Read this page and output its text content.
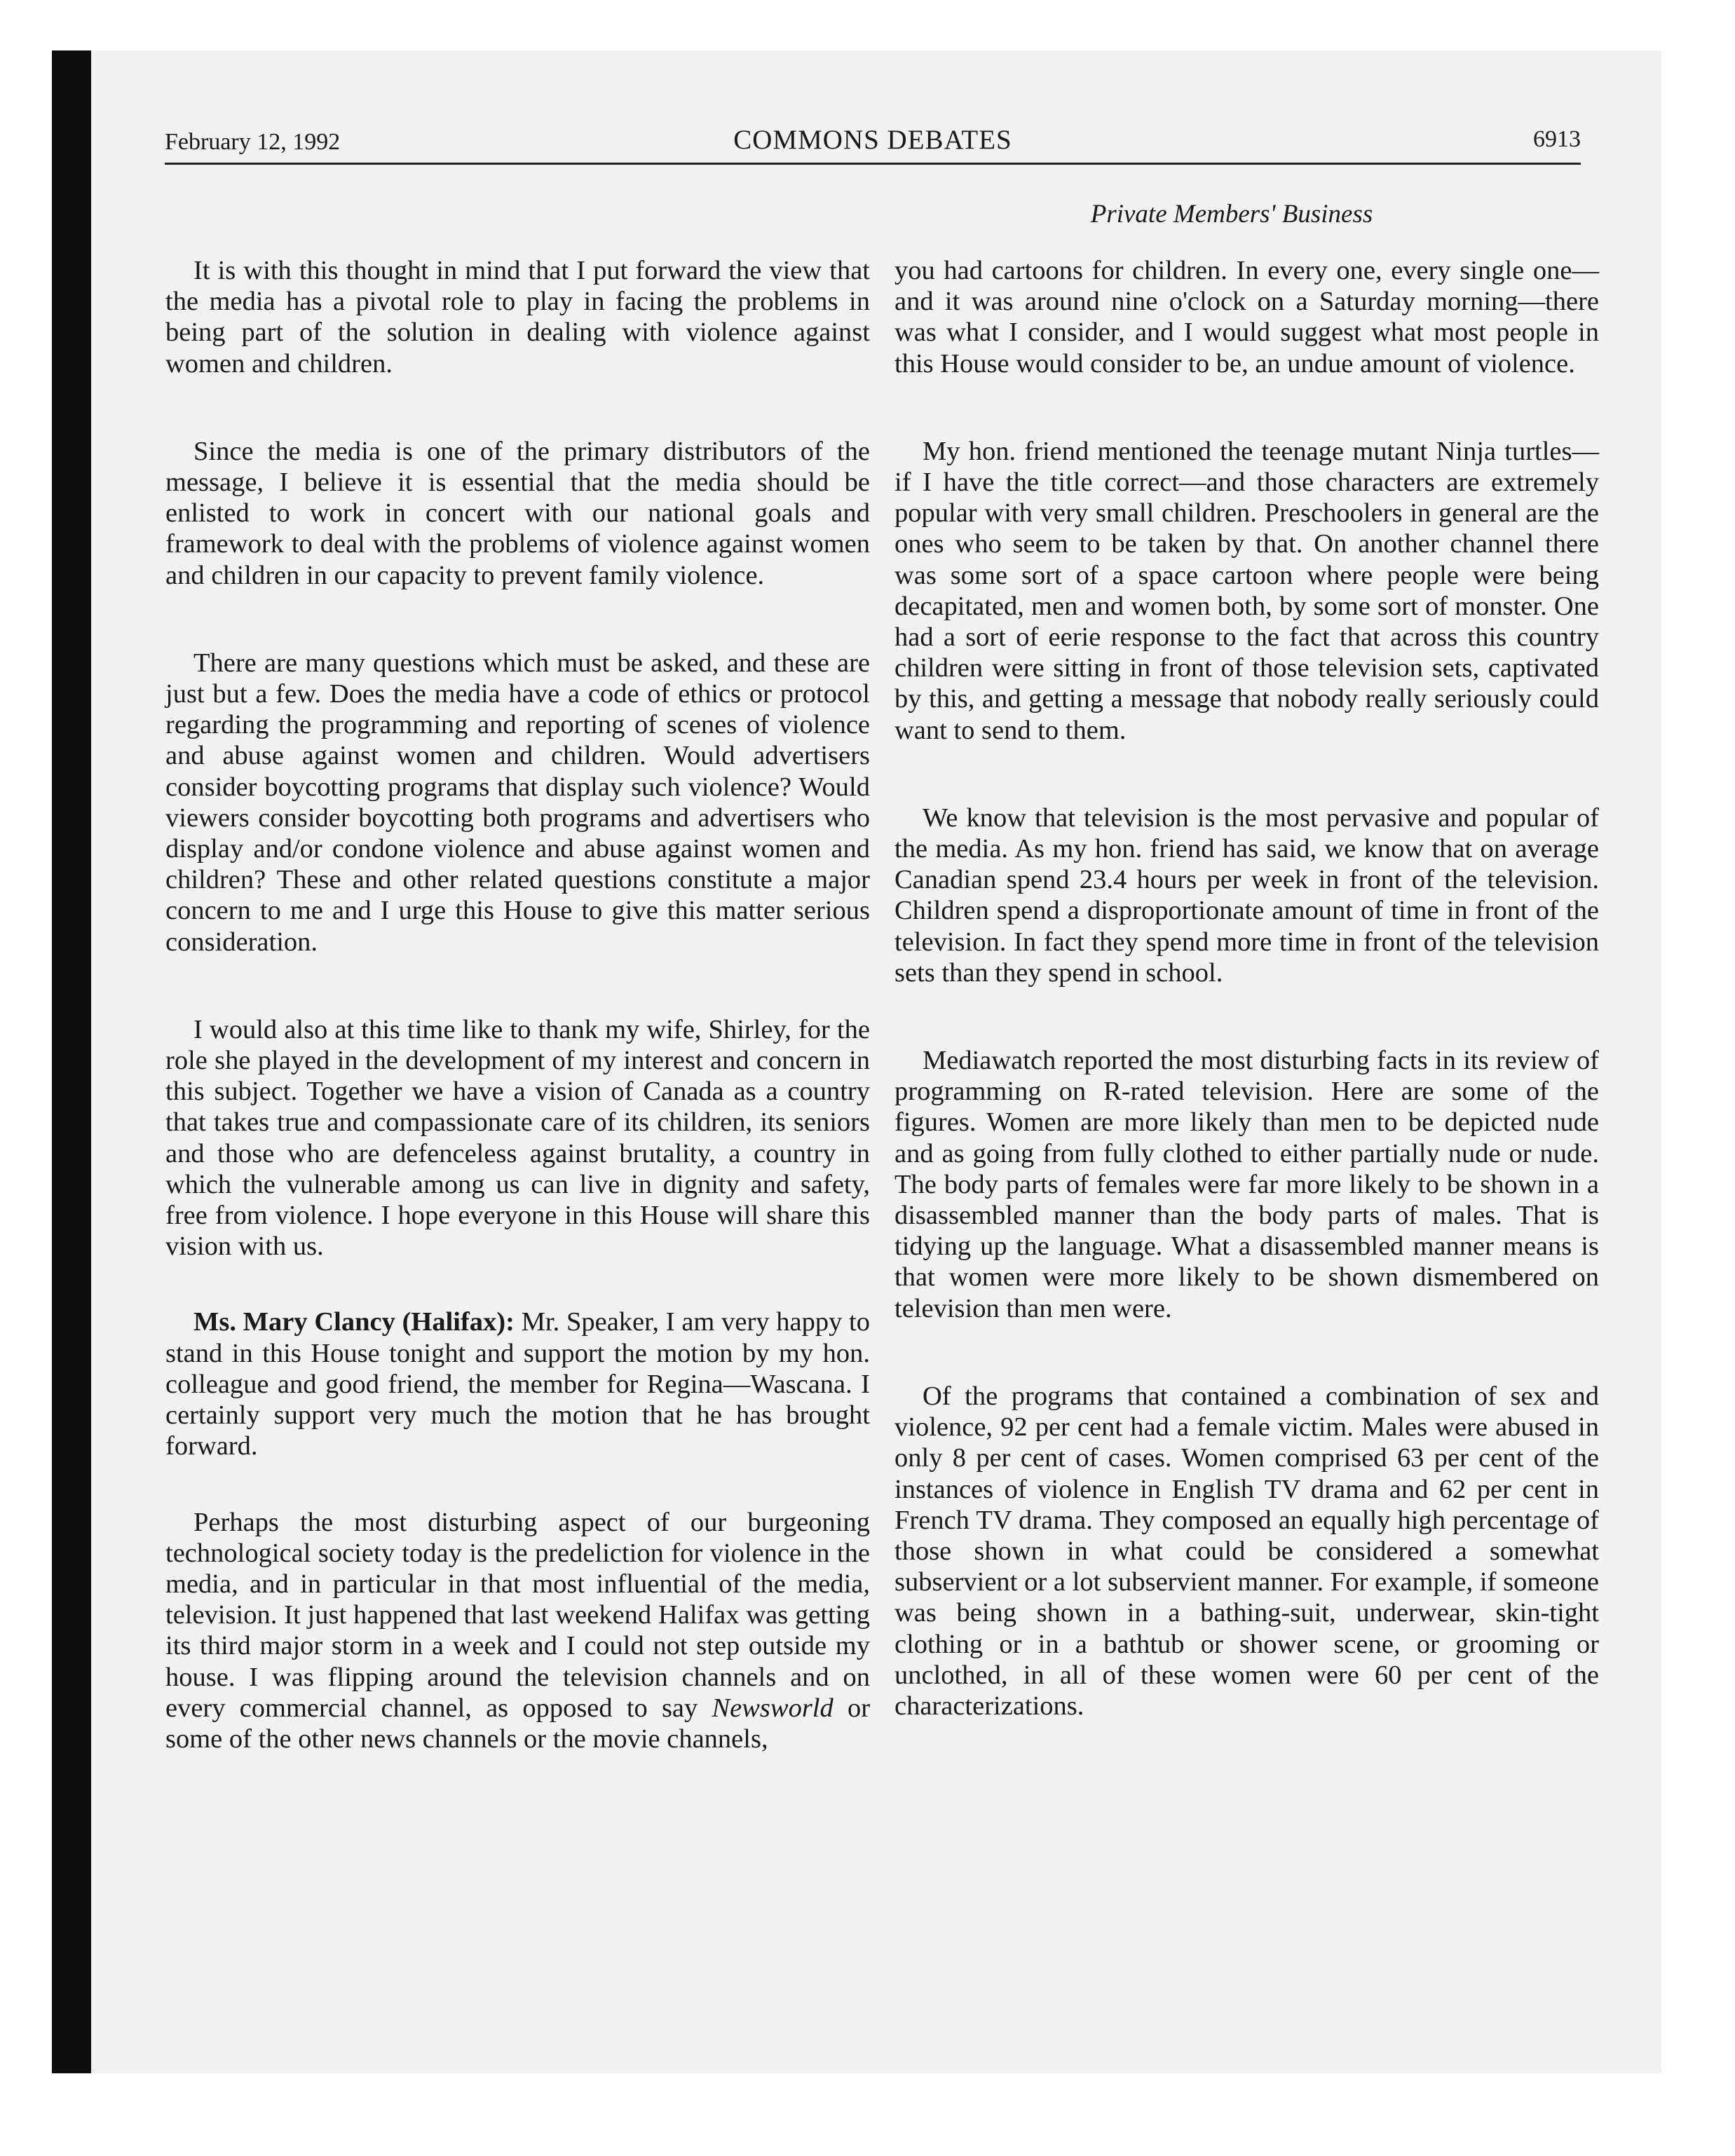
February 12, 1992	COMMONS DEBATES	6913
Private Members' Business

It is with this thought in mind that I put forward the view that the media has a pivotal role to play in facing the problems in being part of the solution in dealing with violence against women and children.

Since the media is one of the primary distributors of the message, I believe it is essential that the media should be enlisted to work in concert with our national goals and framework to deal with the problems of violence against women and children in our capacity to prevent family violence.

There are many questions which must be asked, and these are just but a few. Does the media have a code of ethics or protocol regarding the programming and reporting of scenes of violence and abuse against women and children. Would advertisers consider boycotting programs that display such violence? Would viewers consider boycotting both programs and advertisers who display and/or condone violence and abuse against women and children? These and other related questions constitute a major concern to me and I urge this House to give this matter serious consideration.

I would also at this time like to thank my wife, Shirley, for the role she played in the development of my interest and concern in this subject. Together we have a vision of Canada as a country that takes true and compassionate care of its children, its seniors and those who are defenceless against brutality, a country in which the vulnerable among us can live in dignity and safety, free from violence. I hope everyone in this House will share this vision with us.

Ms. Mary Clancy (Halifax): Mr. Speaker, I am very happy to stand in this House tonight and support the motion by my hon. colleague and good friend, the member for Regina—Wascana. I certainly support very much the motion that he has brought forward.

Perhaps the most disturbing aspect of our burgeoning technological society today is the predeliction for violence in the media, and in particular in that most influential of the media, television. It just happened that last weekend Halifax was getting its third major storm in a week and I could not step outside my house. I was flipping around the television channels and on every commercial channel, as opposed to say Newsworld or some of the other news channels or the movie channels,

you had cartoons for children. In every one, every single one—and it was around nine o'clock on a Saturday morning—there was what I consider, and I would suggest what most people in this House would consider to be, an undue amount of violence.

My hon. friend mentioned the teenage mutant Ninja turtles—if I have the title correct—and those characters are extremely popular with very small children. Preschoolers in general are the ones who seem to be taken by that. On another channel there was some sort of a space cartoon where people were being decapitated, men and women both, by some sort of monster. One had a sort of eerie response to the fact that across this country children were sitting in front of those television sets, captivated by this, and getting a message that nobody really seriously could want to send to them.

We know that television is the most pervasive and popular of the media. As my hon. friend has said, we know that on average Canadian spend 23.4 hours per week in front of the television. Children spend a disproportionate amount of time in front of the television. In fact they spend more time in front of the television sets than they spend in school.

Mediawatch reported the most disturbing facts in its review of programming on R-rated television. Here are some of the figures. Women are more likely than men to be depicted nude and as going from fully clothed to either partially nude or nude. The body parts of females were far more likely to be shown in a disassembled manner than the body parts of males. That is tidying up the language. What a disassembled manner means is that women were more likely to be shown dismembered on television than men were.

Of the programs that contained a combination of sex and violence, 92 per cent had a female victim. Males were abused in only 8 per cent of cases. Women comprised 63 per cent of the instances of violence in English TV drama and 62 per cent in French TV drama. They composed an equally high percentage of those shown in what could be considered a somewhat subservient or a lot subservient manner. For example, if someone was being shown in a bathing-suit, underwear, skin-tight clothing or in a bathtub or shower scene, or grooming or unclothed, in all of these women were 60 per cent of the characterizations.
